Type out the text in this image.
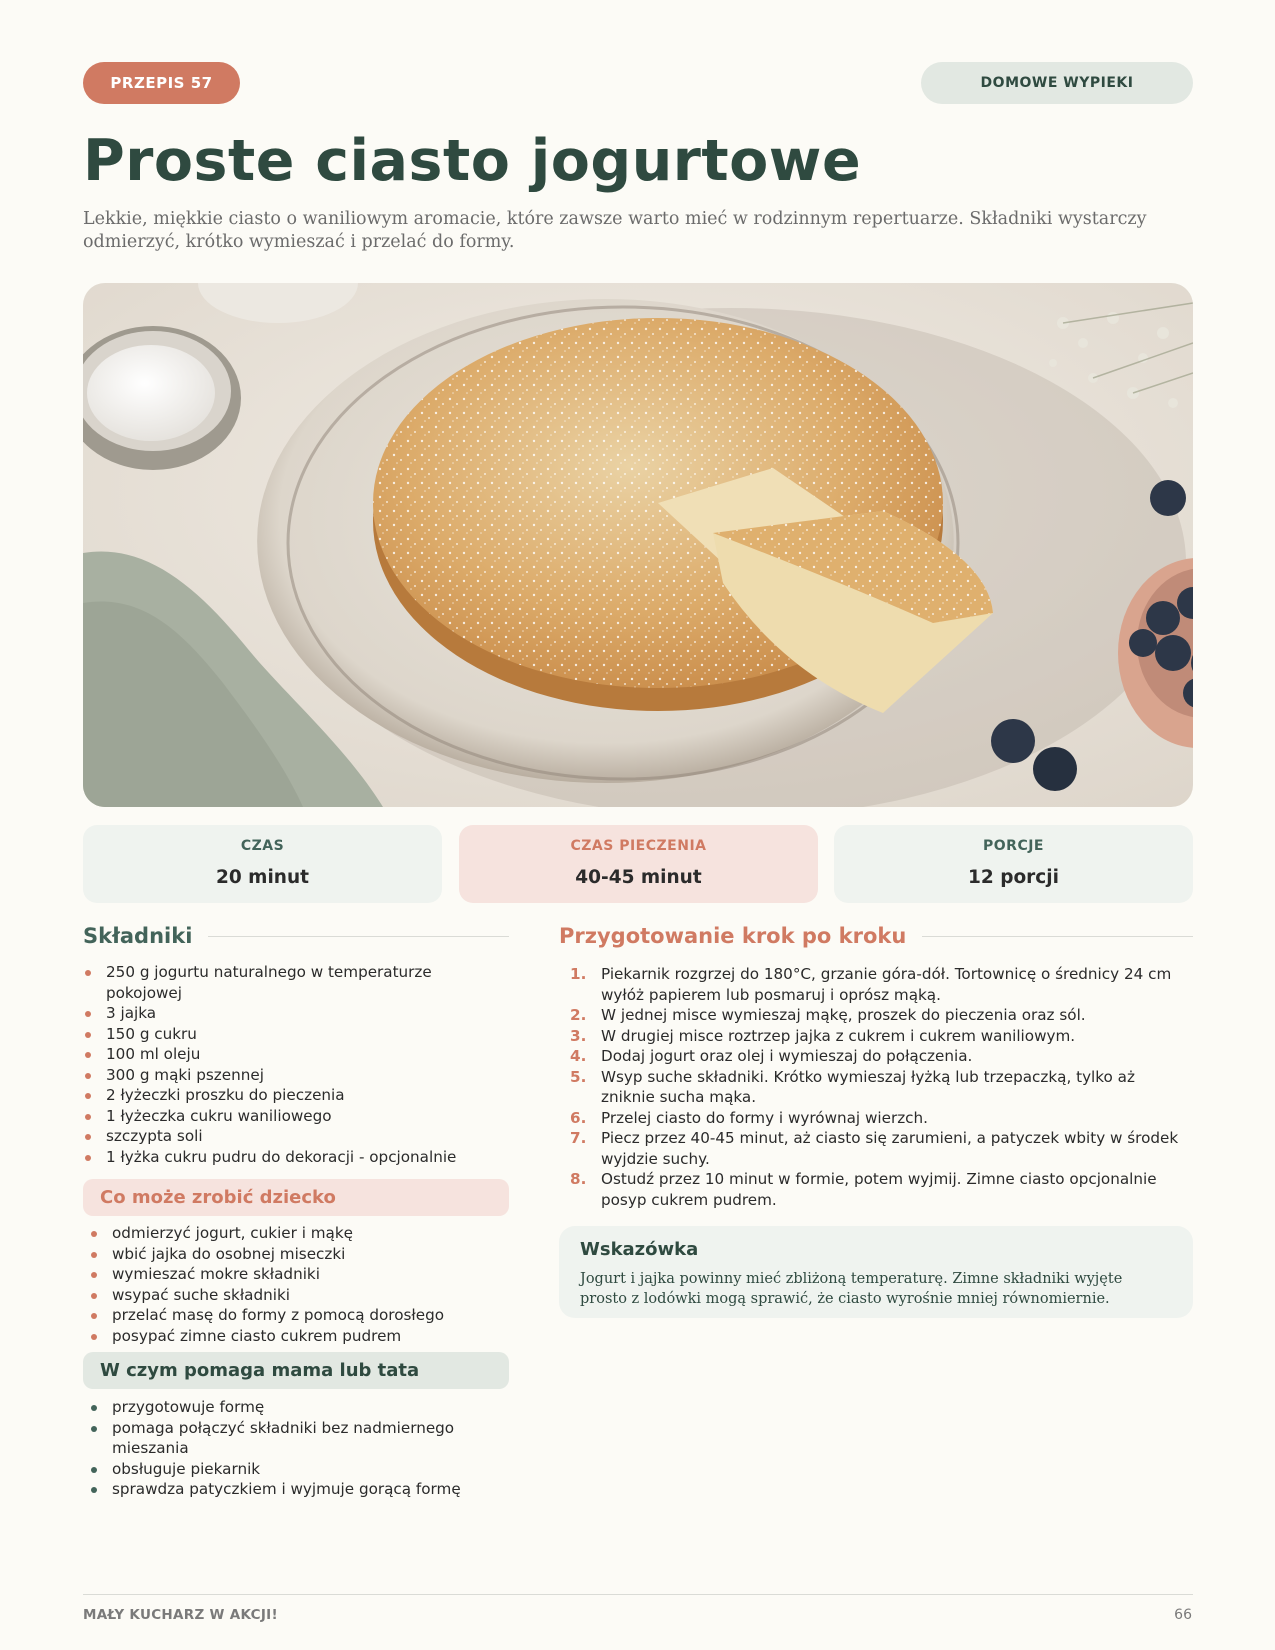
PRZEPIS 57	DOMOWE WYPIEKI
Proste ciasto jogurtowe

Lekkie, miękkie ciasto o waniliowym aromacie, które zawsze warto mieć w rodzinnym repertuarze. Składniki wystarczy odmierzyć, krótko wymieszać i przelać do formy.

CZAS
20 minut
CZAS PIECZENIA
40-45 minut
PORCJE
12 porcji
Składniki
250 g jogurtu naturalnego w temperaturze pokojowej
3 jajka
150 g cukru
100 ml oleju
300 g mąki pszennej
2 łyżeczki proszku do pieczenia
1 łyżeczka cukru waniliowego
szczypta soli
1 łyżka cukru pudru do dekoracji - opcjonalnie
Co może zrobić dziecko
odmierzyć jogurt, cukier i mąkę
wbić jajka do osobnej miseczki
wymieszać mokre składniki
wsypać suche składniki
przelać masę do formy z pomocą dorosłego
posypać zimne ciasto cukrem pudrem
W czym pomaga mama lub tata
przygotowuje formę
pomaga połączyć składniki bez nadmiernego mieszania
obsługuje piekarnik
sprawdza patyczkiem i wyjmuje gorącą formę
Przygotowanie krok po kroku
1. Piekarnik rozgrzej do 180°C, grzanie góra-dół. Tortownicę o średnicy 24 cm wyłóż papierem lub posmaruj i oprósz mąką.
2. W jednej misce wymieszaj mąkę, proszek do pieczenia oraz sól.
3. W drugiej misce roztrzep jajka z cukrem i cukrem waniliowym.
4. Dodaj jogurt oraz olej i wymieszaj do połączenia.
5. Wsyp suche składniki. Krótko wymieszaj łyżką lub trzepaczką, tylko aż zniknie sucha mąka.
6. Przelej ciasto do formy i wyrównaj wierzch.
7. Piecz przez 40-45 minut, aż ciasto się zarumieni, a patyczek wbity w środek wyjdzie suchy.
8. Ostudź przez 10 minut w formie, potem wyjmij. Zimne ciasto opcjonalnie posyp cukrem pudrem.
Wskazówka
Jogurt i jajka powinny mieć zbliżoną temperaturę. Zimne składniki wyjęte prosto z lodówki mogą sprawić, że ciasto wyrośnie mniej równomiernie.
MAŁY KUCHARZ W AKCJI!	66
